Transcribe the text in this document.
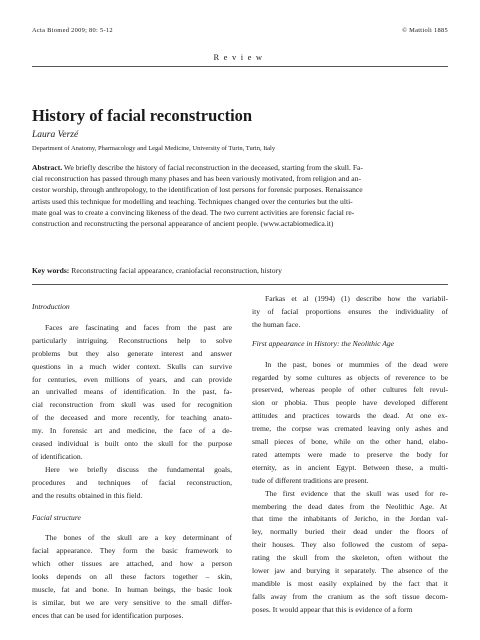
Acta Biomed 2009; 80: 5-12	© Mattioli 1885
Review
History of facial reconstruction
Laura Verzé
Department of Anatomy, Pharmacology and Legal Medicine, University of Turin, Turin, Italy
Abstract. We briefly describe the history of facial reconstruction in the deceased, starting from the skull. Fa-
cial reconstruction has passed through many phases and has been variously motivated, from religion and an-
cestor worship, through anthropology, to the identification of lost persons for forensic purposes. Renaissance
artists used this technique for modelling and teaching. Techniques changed over the centuries but the ulti-
mate goal was to create a convincing likeness of the dead. The two current activities are forensic facial re-
construction and reconstructing the personal appearance of ancient people. (www.actabiomedica.it)
Key words: Reconstructing facial appearance, craniofacial reconstruction, history
Introduction
Faces are fascinating and faces from the past are
particularly intriguing. Reconstructions help to solve
problems but they also generate interest and answer
questions in a much wider context. Skulls can survive
for centuries, even millions of years, and can provide
an unrivalled means of identification. In the past, fa-
cial reconstruction from skull was used for recognition
of the deceased and more recently, for teaching anato-
my. In forensic art and medicine, the face of a de-
ceased individual is built onto the skull for the purpose
of identification.
Here we briefly discuss the fundamental goals,
procedures and techniques of facial reconstruction,
and the results obtained in this field.
Facial structure
The bones of the skull are a key determinant of
facial appearance. They form the basic framework to
which other tissues are attached, and how a person
looks depends on all these factors together – skin,
muscle, fat and bone. In human beings, the basic look
is similar, but we are very sensitive to the small differ-
ences that can be used for identification purposes.
Farkas et al (1994) (1) describe how the variabil-
ity of facial proportions ensures the individuality of
the human face.
First appearance in History: the Neolithic Age
In the past, bones or mummies of the dead were
regarded by some cultures as objects of reverence to be
preserved, whereas people of other cultures felt revul-
sion or phobia. Thus people have developed different
attitudes and practices towards the dead. At one ex-
treme, the corpse was cremated leaving only ashes and
small pieces of bone, while on the other hand, elabo-
rated attempts were made to preserve the body for
eternity, as in ancient Egypt. Between these, a multi-
tude of different traditions are present.
The first evidence that the skull was used for re-
membering the dead dates from the Neolithic Age. At
that time the inhabitants of Jericho, in the Jordan val-
ley, normally buried their dead under the floors of
their houses. They also followed the custom of sepa-
rating the skull from the skeleton, often without the
lower jaw and burying it separately. The absence of the
mandible is most easily explained by the fact that it
falls away from the cranium as the soft tissue decom-
poses. It would appear that this is evidence of a form
